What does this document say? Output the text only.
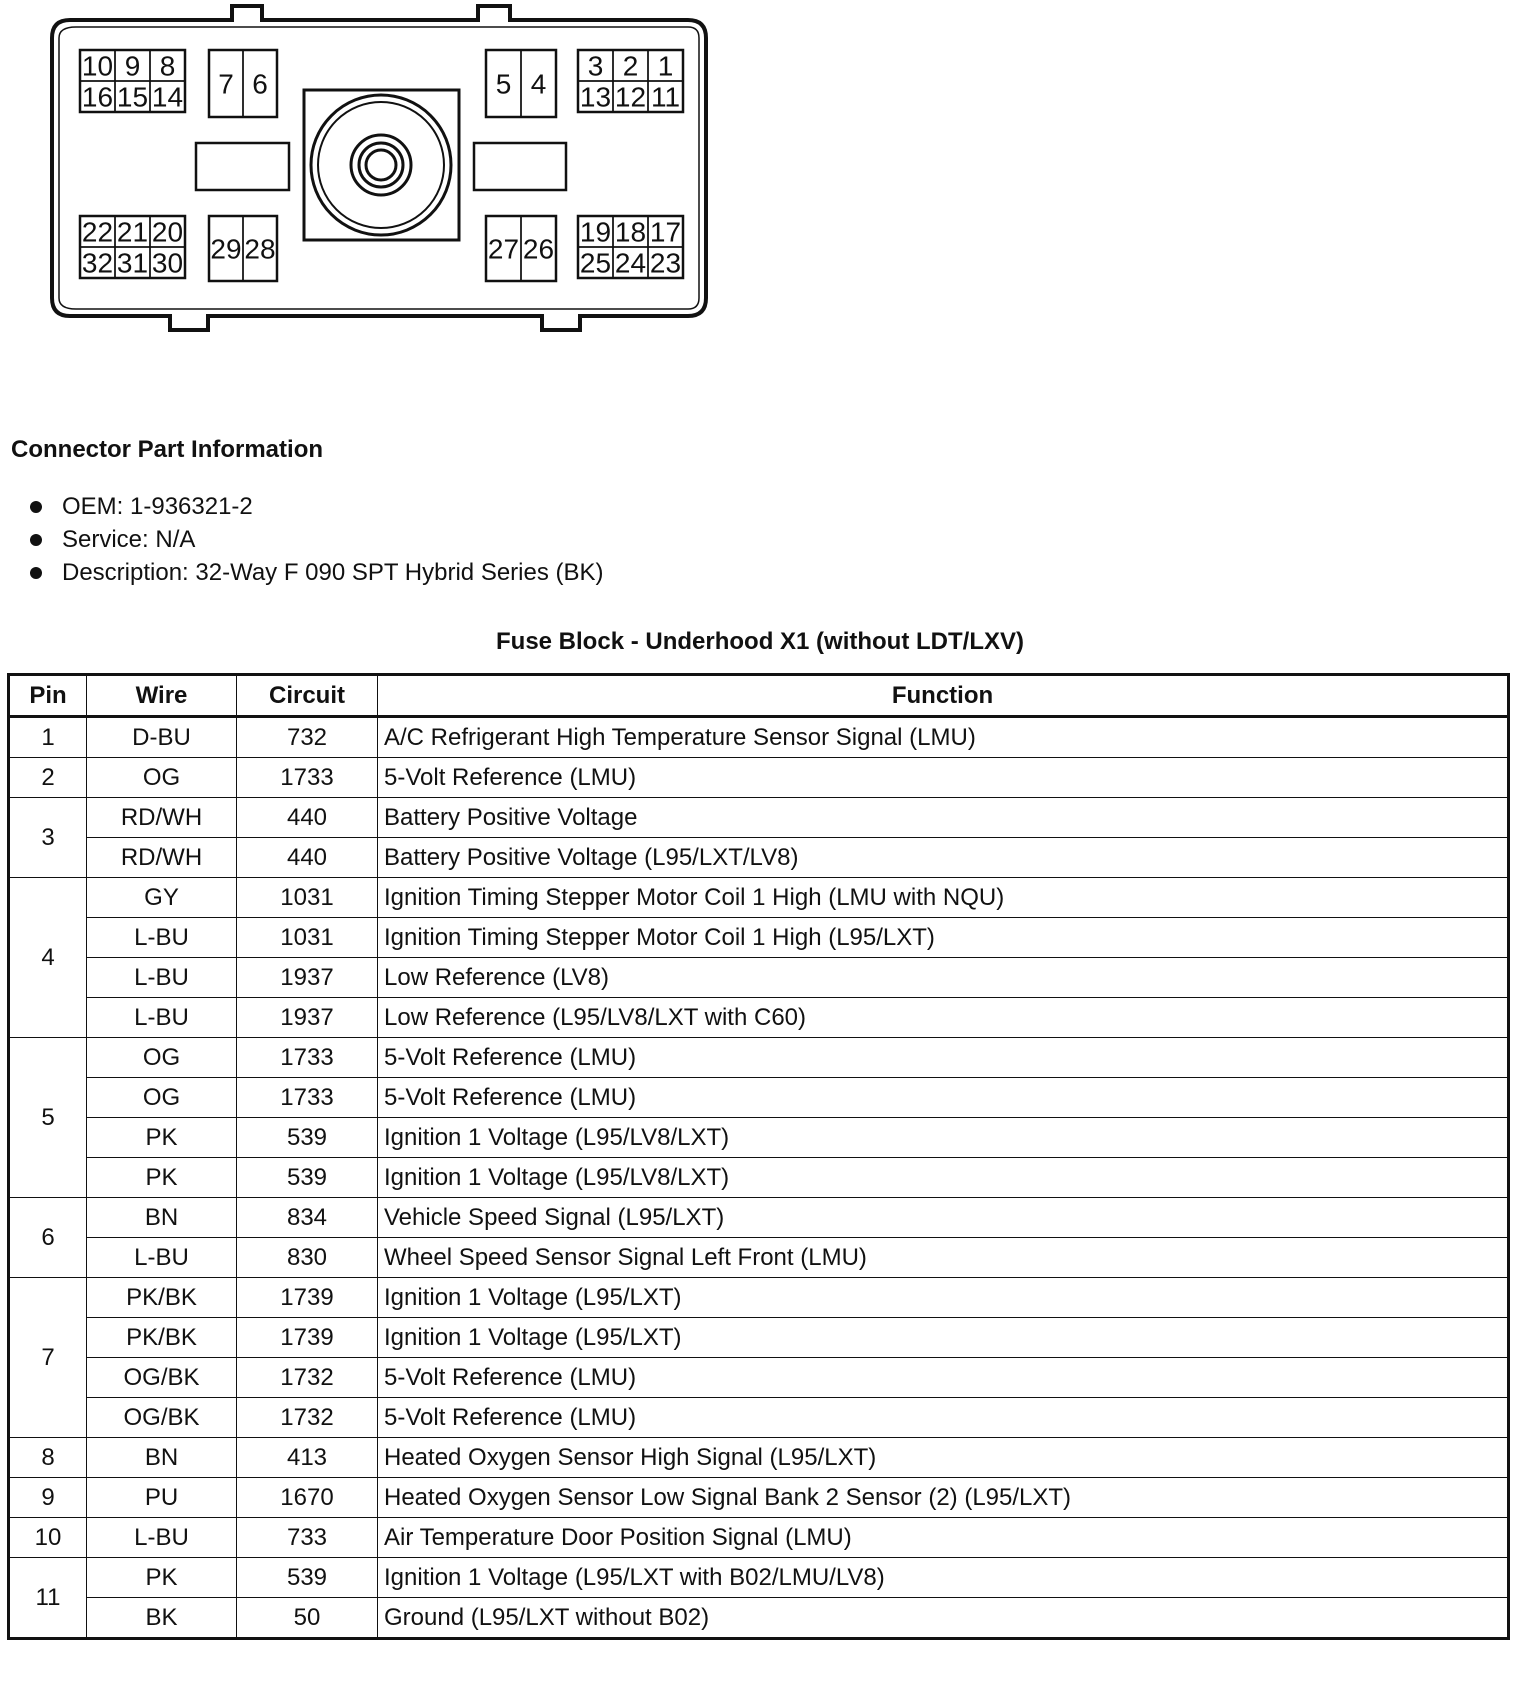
10 9 8
16 15 14 7 6	5 4
3 2 1
13 12 11
22 21 20
32 31 30 29 28	27 26
19 18 17
25 24 23
Connector Part Information
OEM: 1-936321-2
Service: N/A
Description: 32-Way F 090 SPT Hybrid Series (BK)
Fuse Block - Underhood X1 (without LDT/LXV)
Pin	Wire	Circuit	Function
1	D-BU	732	A/C Refrigerant High Temperature Sensor Signal (LMU)
2	OG	1733	5-Volt Reference (LMU)
3	RD/WH	440	Battery Positive Voltage
	RD/WH	440	Battery Positive Voltage (L95/LXT/LV8)
4	GY	1031	Ignition Timing Stepper Motor Coil 1 High (LMU with NQU)
	L-BU	1031	Ignition Timing Stepper Motor Coil 1 High (L95/LXT)
	L-BU	1937	Low Reference (LV8)
	L-BU	1937	Low Reference (L95/LV8/LXT with C60)
5	OG	1733	5-Volt Reference (LMU)
	OG	1733	5-Volt Reference (LMU)
	PK	539	Ignition 1 Voltage (L95/LV8/LXT)
	PK	539	Ignition 1 Voltage (L95/LV8/LXT)
6	BN	834	Vehicle Speed Signal (L95/LXT)
	L-BU	830	Wheel Speed Sensor Signal Left Front (LMU)
7	PK/BK	1739	Ignition 1 Voltage (L95/LXT)
	PK/BK	1739	Ignition 1 Voltage (L95/LXT)
	OG/BK	1732	5-Volt Reference (LMU)
	OG/BK	1732	5-Volt Reference (LMU)
8	BN	413	Heated Oxygen Sensor High Signal (L95/LXT)
9	PU	1670	Heated Oxygen Sensor Low Signal Bank 2 Sensor (2) (L95/LXT)
10	L-BU	733	Air Temperature Door Position Signal (LMU)
11	PK	539	Ignition 1 Voltage (L95/LXT with B02/LMU/LV8)
	BK	50	Ground (L95/LXT without B02)
